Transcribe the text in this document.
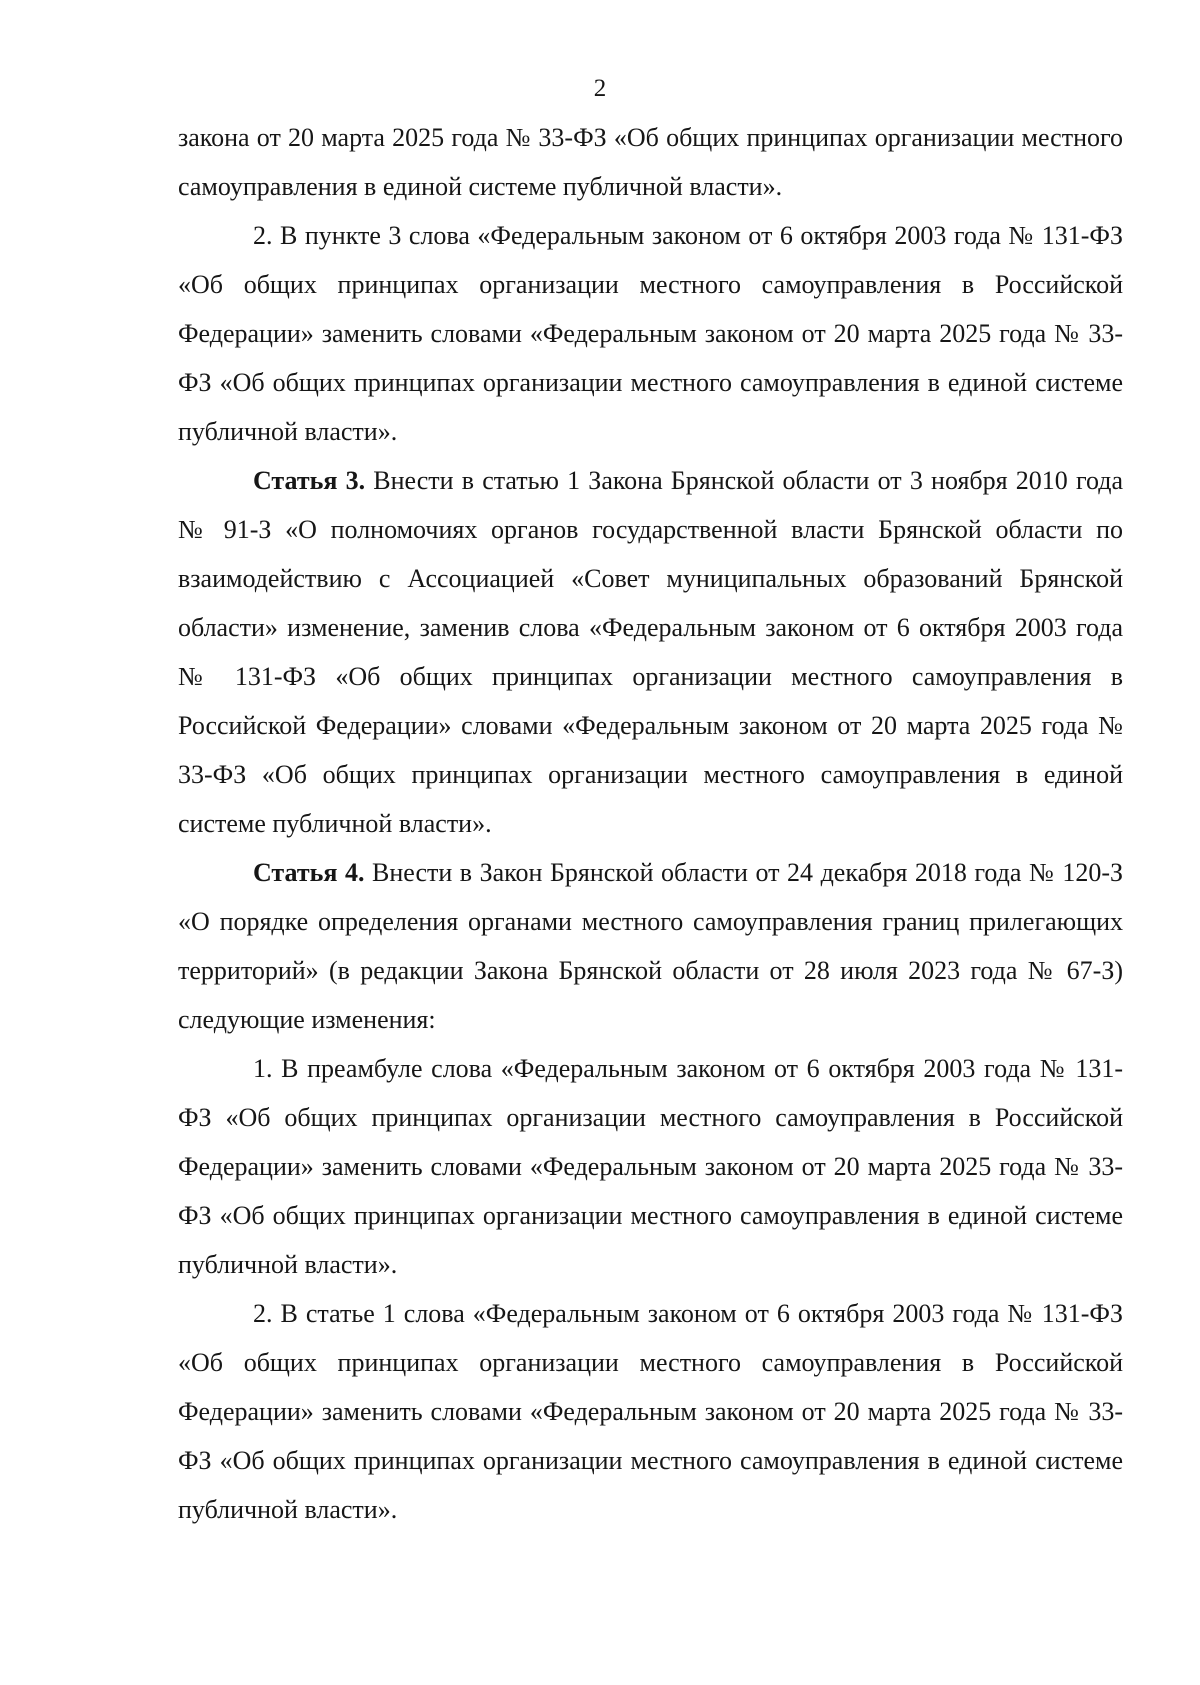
2

закона от 20 марта 2025 года № 33-ФЗ «Об общих принципах организации местного самоуправления в единой системе публичной власти».

2. В пункте 3 слова «Федеральным законом от 6 октября 2003 года № 131-ФЗ «Об общих принципах организации местного самоуправления в Российской Федерации» заменить словами «Федеральным законом от 20 марта 2025 года № 33-ФЗ «Об общих принципах организации местного самоуправления в единой системе публичной власти».

Статья 3. Внести в статью 1 Закона Брянской области от 3 ноября 2010 года № 91-З «О полномочиях органов государственной власти Брянской области по взаимодействию с Ассоциацией «Совет муниципальных образований Брянской области» изменение, заменив слова «Федеральным законом от 6 октября 2003 года № 131-ФЗ «Об общих принципах организации местного самоуправления в Российской Федерации» словами «Федеральным законом от 20 марта 2025 года № 33-ФЗ «Об общих принципах организации местного самоуправления в единой системе публичной власти».

Статья 4. Внести в Закон Брянской области от 24 декабря 2018 года № 120-З «О порядке определения органами местного самоуправления границ прилегающих территорий» (в редакции Закона Брянской области от 28 июля 2023 года № 67-З) следующие изменения:

1. В преамбуле слова «Федеральным законом от 6 октября 2003 года № 131-ФЗ «Об общих принципах организации местного самоуправления в Российской Федерации» заменить словами «Федеральным законом от 20 марта 2025 года № 33-ФЗ «Об общих принципах организации местного самоуправления в единой системе публичной власти».

2. В статье 1 слова «Федеральным законом от 6 октября 2003 года № 131-ФЗ «Об общих принципах организации местного самоуправления в Российской Федерации» заменить словами «Федеральным законом от 20 марта 2025 года № 33-ФЗ «Об общих принципах организации местного самоуправления в единой системе публичной власти».
